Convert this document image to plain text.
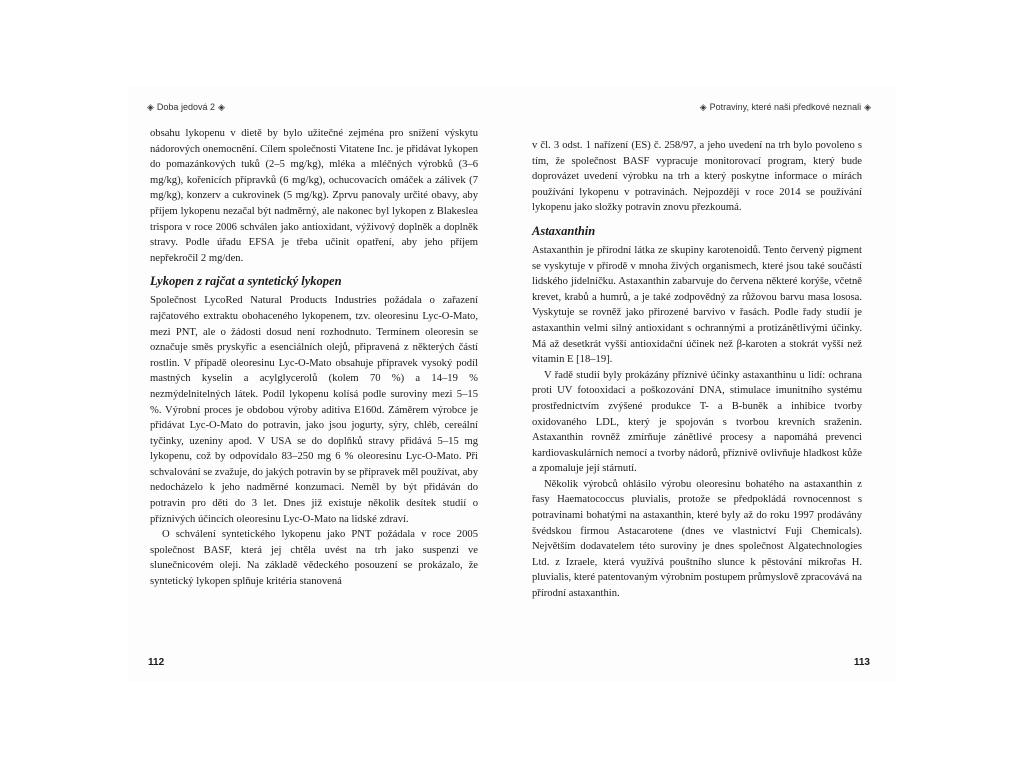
◈ Doba jedová 2 ◈

obsahu lykopenu v dietě by bylo užitečné zejména pro snížení výskytu nádorových onemocnění. Cílem společnosti Vitatene Inc. je přidávat lykopen do pomazánkových tuků (2–5 mg/kg), mléka a mléčných výrobků (3–6 mg/kg), kořenicích přípravků (6 mg/kg), ochucovacích omáček a zálivek (7 mg/kg), konzerv a cukrovinek (5 mg/kg). Zprvu panovaly určité obavy, aby příjem lykopenu nezačal být nadměrný, ale nakonec byl lykopen z Blakeslea trispora v roce 2006 schválen jako antioxidant, výživový doplněk a doplněk stravy. Podle úřadu EFSA je třeba učinit opatření, aby jeho příjem nepřekročil 2 mg/den.

Lykopen z rajčat a syntetický lykopen

Společnost LycoRed Natural Products Industries požádala o zařazení rajčatového extraktu obohaceného lykopenem, tzv. oleoresinu Lyc-O-Mato, mezi PNT, ale o žádosti dosud není rozhodnuto. Termínem oleoresin se označuje směs pryskyřic a esenciálních olejů, připravená z některých částí rostlin. V případě oleoresinu Lyc-O-Mato obsahuje přípravek vysoký podíl mastných kyselin a acylglycerolů (kolem 70 %) a 14–19 % nezmýdelnitelných látek. Podíl lykopenu kolísá podle suroviny mezi 5–15 %. Výrobní proces je obdobou výroby aditiva E160d. Záměrem výrobce je přidávat Lyc-O-Mato do potravin, jako jsou jogurty, sýry, chléb, cereální tyčinky, uzeniny apod. V USA se do doplňků stravy přidává 5–15 mg lykopenu, což by odpovídalo 83–250 mg 6 % oleoresinu Lyc-O-Mato. Při schvalování se zvažuje, do jakých potravin by se přípravek měl používat, aby nedocházelo k jeho nadměrné konzumaci. Neměl by být přidáván do potravin pro děti do 3 let. Dnes již existuje několik desítek studií o příznivých účincích oleoresinu Lyc-O-Mato na lidské zdraví.

O schválení syntetického lykopenu jako PNT požádala v roce 2005 společnost BASF, která jej chtěla uvést na trh jako suspenzi ve slunečnicovém oleji. Na základě vědeckého posouzení se prokázalo, že syntetický lykopen splňuje kritéria stanovená

112
◈ Potraviny, které naši předkové neznali ◈

v čl. 3 odst. 1 nařízení (ES) č. 258/97, a jeho uvedení na trh bylo povoleno s tím, že společnost BASF vypracuje monitorovací program, který bude doprovázet uvedení výrobku na trh a který poskytne informace o mírách používání lykopenu v potravinách. Nejpozději v roce 2014 se používání lykopenu jako složky potravin znovu přezkoumá.

Astaxanthin

Astaxanthin je přírodní látka ze skupiny karotenoidů. Tento červený pigment se vyskytuje v přírodě v mnoha živých organismech, které jsou také součástí lidského jídelníčku. Astaxanthin zabarvuje do červena některé korýše, včetně krevet, krabů a humrů, a je také zodpovědný za růžovou barvu masa lososa. Vyskytuje se rovněž jako přirozené barvivo v řasách. Podle řady studií je astaxanthin velmi silný antioxidant s ochrannými a protizánětlivými účinky. Má až desetkrát vyšší antioxidační účinek než β-karoten a stokrát vyšší než vitamin E [18–19].

V řadě studií byly prokázány příznivé účinky astaxanthinu u lidí: ochrana proti UV fotooxidaci a poškozování DNA, stimulace imunitního systému prostřednictvím zvýšené produkce T- a B-buněk a inhibice tvorby oxidovaného LDL, který je spojován s tvorbou krevních sraženin. Astaxanthin rovněž zmírňuje zánětlivé procesy a napomáhá prevenci kardiovaskulárních nemocí a tvorby nádorů, příznivě ovlivňuje hladkost kůže a zpomaluje její stárnutí.

Několik výrobců ohlásilo výrobu oleoresinu bohatého na astaxanthin z řasy Haematococcus pluvialis, protože se předpokládá rovnocennost s potravinami bohatými na astaxanthin, které byly až do roku 1997 prodávány švédskou firmou Astacarotene (dnes ve vlastnictví Fuji Chemicals). Největším dodavatelem této suroviny je dnes společnost Algatechnologies Ltd. z Izraele, která využívá pouštního slunce k pěstování mikrořas H. pluvialis, které patentovaným výrobním postupem průmyslově zpracovává na přírodní astaxanthin.

113
